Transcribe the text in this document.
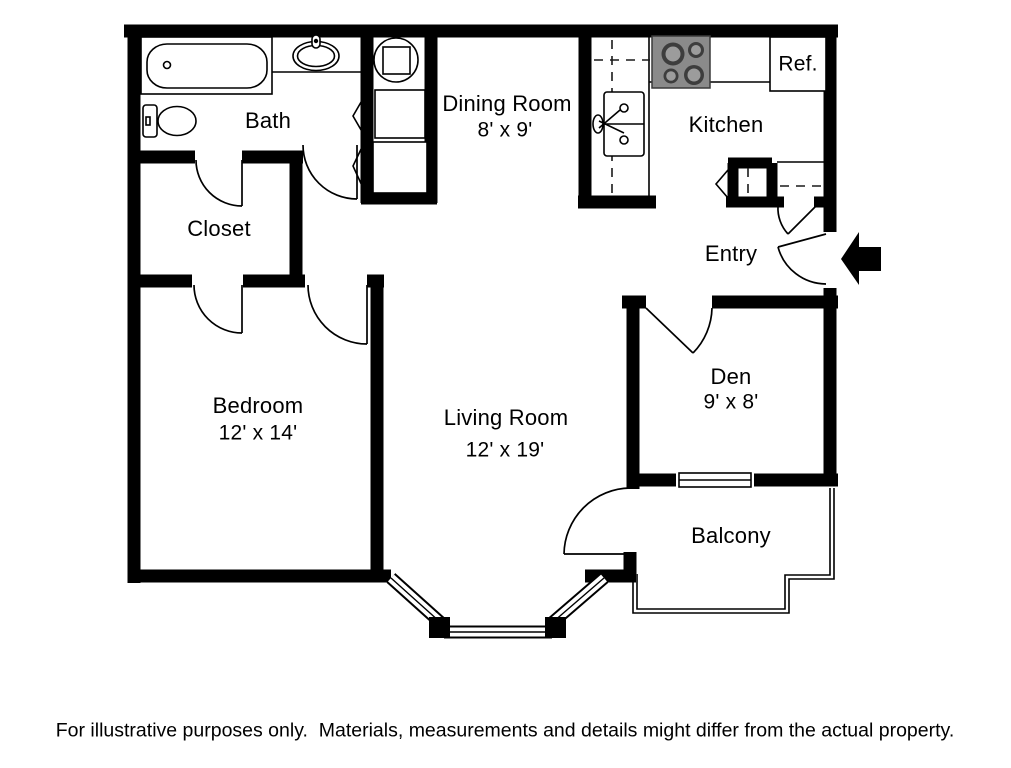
Bath
Closet
Dining Room
8' x 9'	Kitchen
Ref.
Entry
Bedroom
12' x 14'
Living Room
12' x 19'
Den
9' x 8'
Balcony
For illustrative purposes only.  Materials, measurements and details might differ from the actual property.
